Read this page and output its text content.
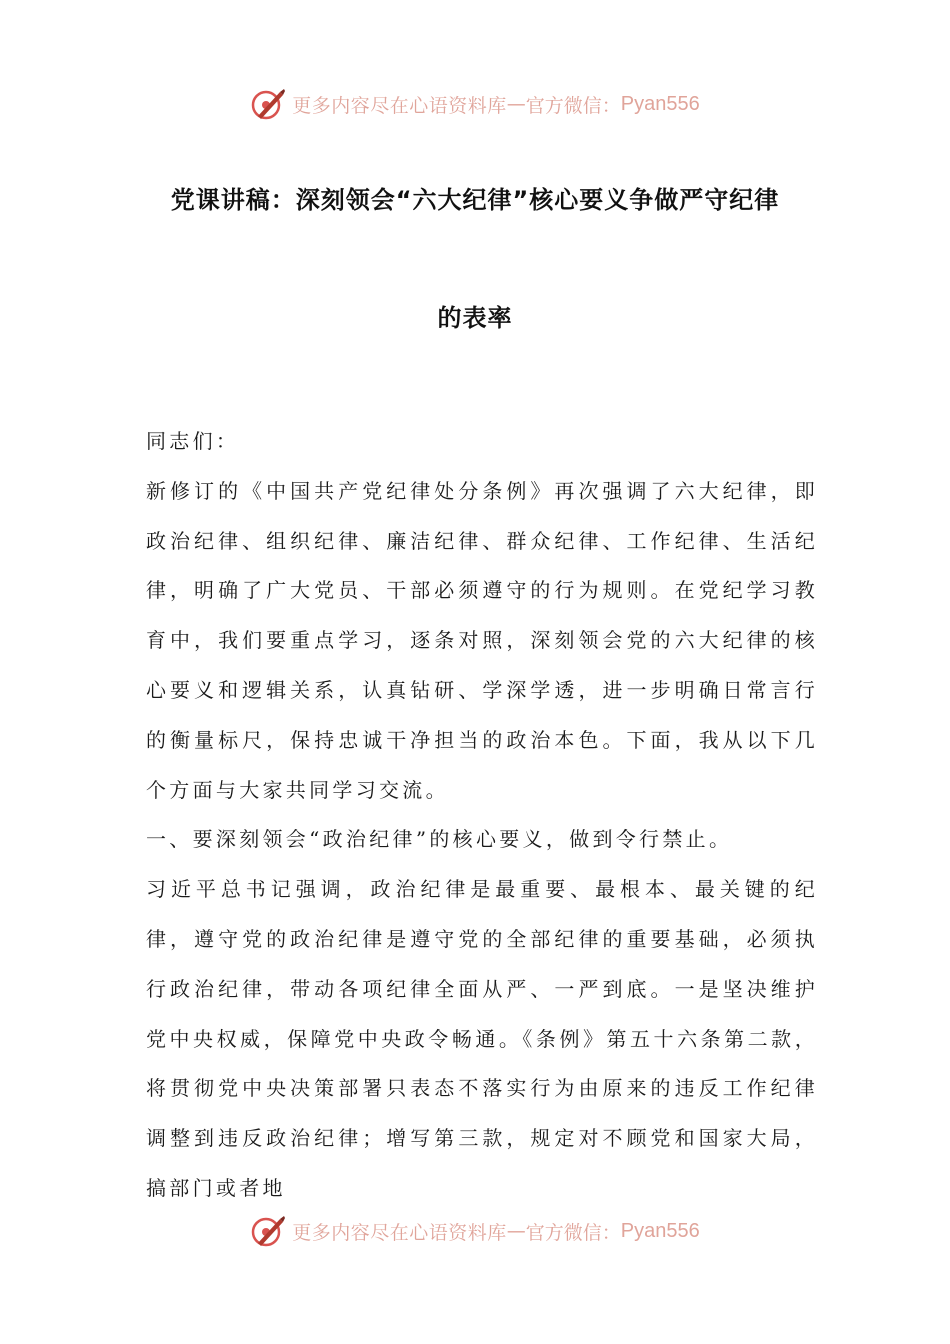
更多内容尽在心语资料库 — 官方微信： Pyan556
党课讲稿：深刻领会“六大纪律”核心要义争做严守纪律
的表率

同志们：

新修订的《中国共产党纪律处分条例》再次强调了六大纪律，即政治纪律、组织纪律、廉洁纪律、群众纪律、工作纪律、生活纪律，明确了广大党员、干部必须遵守的行为规则。在党纪学习教育中，我们要重点学习，逐条对照，深刻领会党的六大纪律的核心要义和逻辑关系，认真钻研、学深学透，进一步明确日常言行的衡量标尺，保持忠诚干净担当的政治本色。下面，我从以下几个方面与大家共同学习交流。

一、要深刻领会“政治纪律”的核心要义，做到令行禁止。

习近平总书记强调，政治纪律是最重要、最根本、最关键的纪律，遵守党的政治纪律是遵守党的全部纪律的重要基础，必须执行政治纪律，带动各项纪律全面从严、一严到底。一是坚决维护党中央权威，保障党中央政令畅通。《条例》第五十六条第二款，将贯彻党中央决策部署只表态不落实行为由原来的违反工作纪律调整到违反政治纪律；增写第三款，规定对不顾党和国家大局，搞部门或者地

更多内容尽在心语资料库 — 官方微信： Pyan556
